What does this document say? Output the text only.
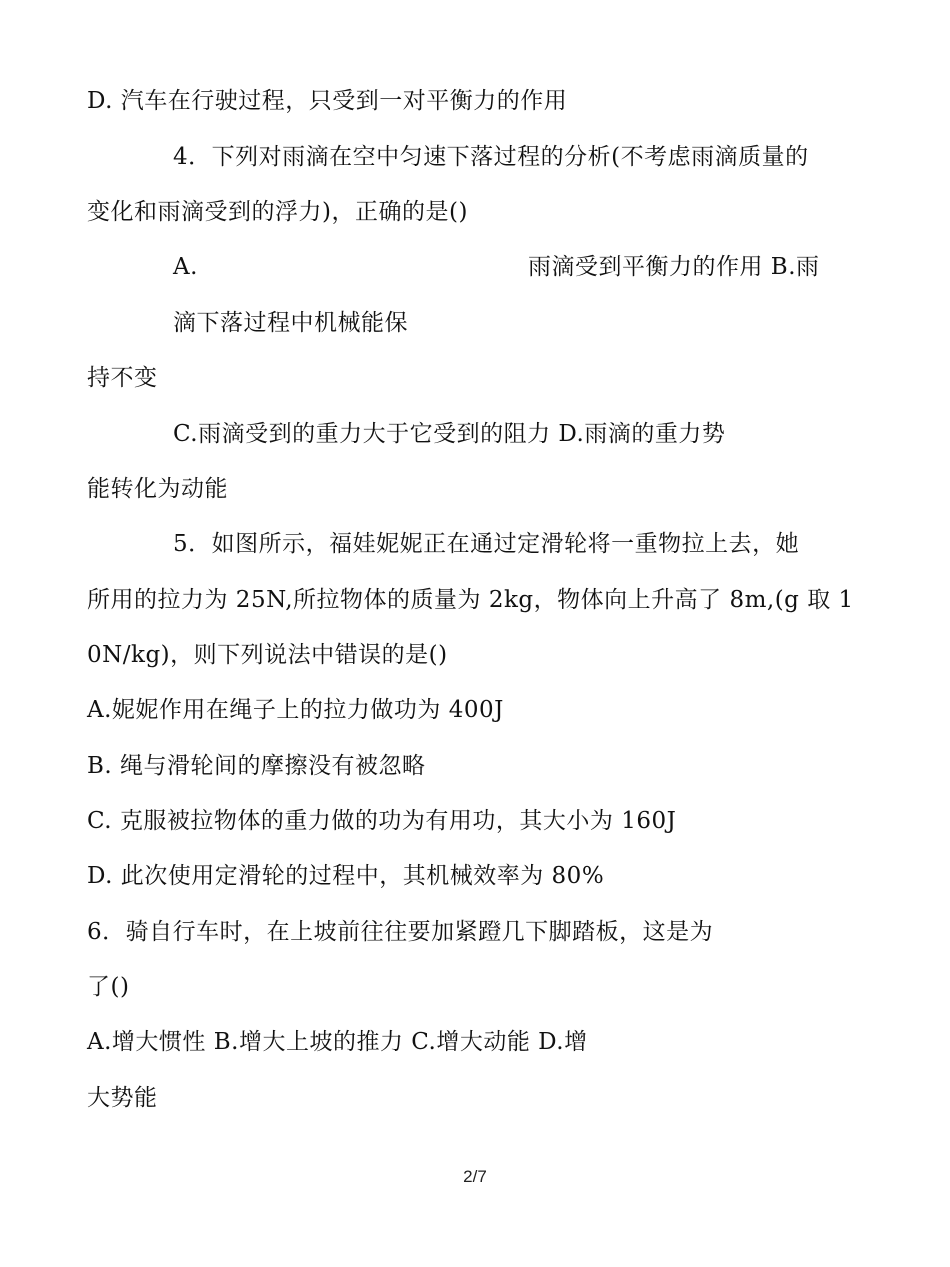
D. 汽车在行驶过程，只受到一对平衡力的作用
4．下列对雨滴在空中匀速下落过程的分析(不考虑雨滴质量的
变化和雨滴受到的浮力)，正确的是()
A.	雨滴受到平衡力的作用 B.雨
滴下落过程中机械能保
持不变
C.雨滴受到的重力大于它受到的阻力 D.雨滴的重力势
能转化为动能
5．如图所示，福娃妮妮正在通过定滑轮将一重物拉上去，她
所用的拉力为 25N,所拉物体的质量为 2kg，物体向上升高了 8m,(g 取 1
0N/kg)，则下列说法中错误的是()
A.妮妮作用在绳子上的拉力做功为 400J
B. 绳与滑轮间的摩擦没有被忽略
C. 克服被拉物体的重力做的功为有用功，其大小为 160J
D. 此次使用定滑轮的过程中，其机械效率为 80%
6．骑自行车时，在上坡前往往要加紧蹬几下脚踏板，这是为
了()
A.增大惯性 B.增大上坡的推力 C.增大动能 D.增
大势能
2/7
